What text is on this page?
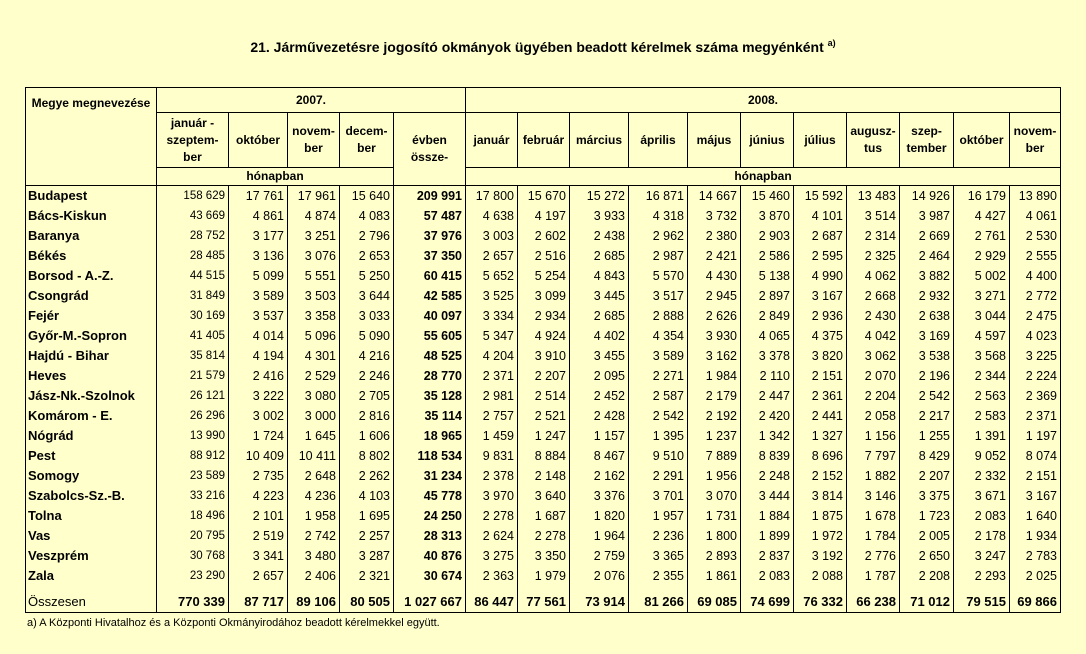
21. Járművezetésre jogosító okmányok ügyében beadott kérelmek száma megyénként $^{a)}$
Megye megnevezése	2007.					2008.										
	január - szeptem-ber	október	novem-ber	decem-ber	évben össze-	január	február	március	április	május	június	július	augusz-tus	szep-tember	október	novem-ber
	hónapban					hónapban										
Budapest	158 629	17 761	17 961	15 640	209 991	17 800	15 670	15 272	16 871	14 667	15 460	15 592	13 483	14 926	16 179	13 890
Bács-Kiskun	43 669	4 861	4 874	4 083	57 487	4 638	4 197	3 933	4 318	3 732	3 870	4 101	3 514	3 987	4 427	4 061
Baranya	28 752	3 177	3 251	2 796	37 976	3 003	2 602	2 438	2 962	2 380	2 903	2 687	2 314	2 669	2 761	2 530
Békés	28 485	3 136	3 076	2 653	37 350	2 657	2 516	2 685	2 987	2 421	2 586	2 595	2 325	2 464	2 929	2 555
Borsod - A.-Z.	44 515	5 099	5 551	5 250	60 415	5 652	5 254	4 843	5 570	4 430	5 138	4 990	4 062	3 882	5 002	4 400
Csongrád	31 849	3 589	3 503	3 644	42 585	3 525	3 099	3 445	3 517	2 945	2 897	3 167	2 668	2 932	3 271	2 772
Fejér	30 169	3 537	3 358	3 033	40 097	3 334	2 934	2 685	2 888	2 626	2 849	2 936	2 430	2 638	3 044	2 475
Győr-M.-Sopron	41 405	4 014	5 096	5 090	55 605	5 347	4 924	4 402	4 354	3 930	4 065	4 375	4 042	3 169	4 597	4 023
Hajdú - Bihar	35 814	4 194	4 301	4 216	48 525	4 204	3 910	3 455	3 589	3 162	3 378	3 820	3 062	3 538	3 568	3 225
Heves	21 579	2 416	2 529	2 246	28 770	2 371	2 207	2 095	2 271	1 984	2 110	2 151	2 070	2 196	2 344	2 224
Jász-Nk.-Szolnok	26 121	3 222	3 080	2 705	35 128	2 981	2 514	2 452	2 587	2 179	2 447	2 361	2 204	2 542	2 563	2 369
Komárom - E.	26 296	3 002	3 000	2 816	35 114	2 757	2 521	2 428	2 542	2 192	2 420	2 441	2 058	2 217	2 583	2 371
Nógrád	13 990	1 724	1 645	1 606	18 965	1 459	1 247	1 157	1 395	1 237	1 342	1 327	1 156	1 255	1 391	1 197
Pest	88 912	10 409	10 411	8 802	118 534	9 831	8 884	8 467	9 510	7 889	8 839	8 696	7 797	8 429	9 052	8 074
Somogy	23 589	2 735	2 648	2 262	31 234	2 378	2 148	2 162	2 291	1 956	2 248	2 152	1 882	2 207	2 332	2 151
Szabolcs-Sz.-B.	33 216	4 223	4 236	4 103	45 778	3 970	3 640	3 376	3 701	3 070	3 444	3 814	3 146	3 375	3 671	3 167
Tolna	18 496	2 101	1 958	1 695	24 250	2 278	1 687	1 820	1 957	1 731	1 884	1 875	1 678	1 723	2 083	1 640
Vas	20 795	2 519	2 742	2 257	28 313	2 624	2 278	1 964	2 236	1 800	1 899	1 972	1 784	2 005	2 178	1 934
Veszprém	30 768	3 341	3 480	3 287	40 876	3 275	3 350	2 759	3 365	2 893	2 837	3 192	2 776	2 650	3 247	2 783
Zala	23 290	2 657	2 406	2 321	30 674	2 363	1 979	2 076	2 355	1 861	2 083	2 088	1 787	2 208	2 293	2 025

Összesen	770 339	87 717	89 106	80 505	1 027 667	86 447	77 561	73 914	81 266	69 085	74 699	76 332	66 238	71 012	79 515	69 866
a) A Központi Hivatalhoz és a Központi Okmányirodához beadott kérelmekkel együtt.
